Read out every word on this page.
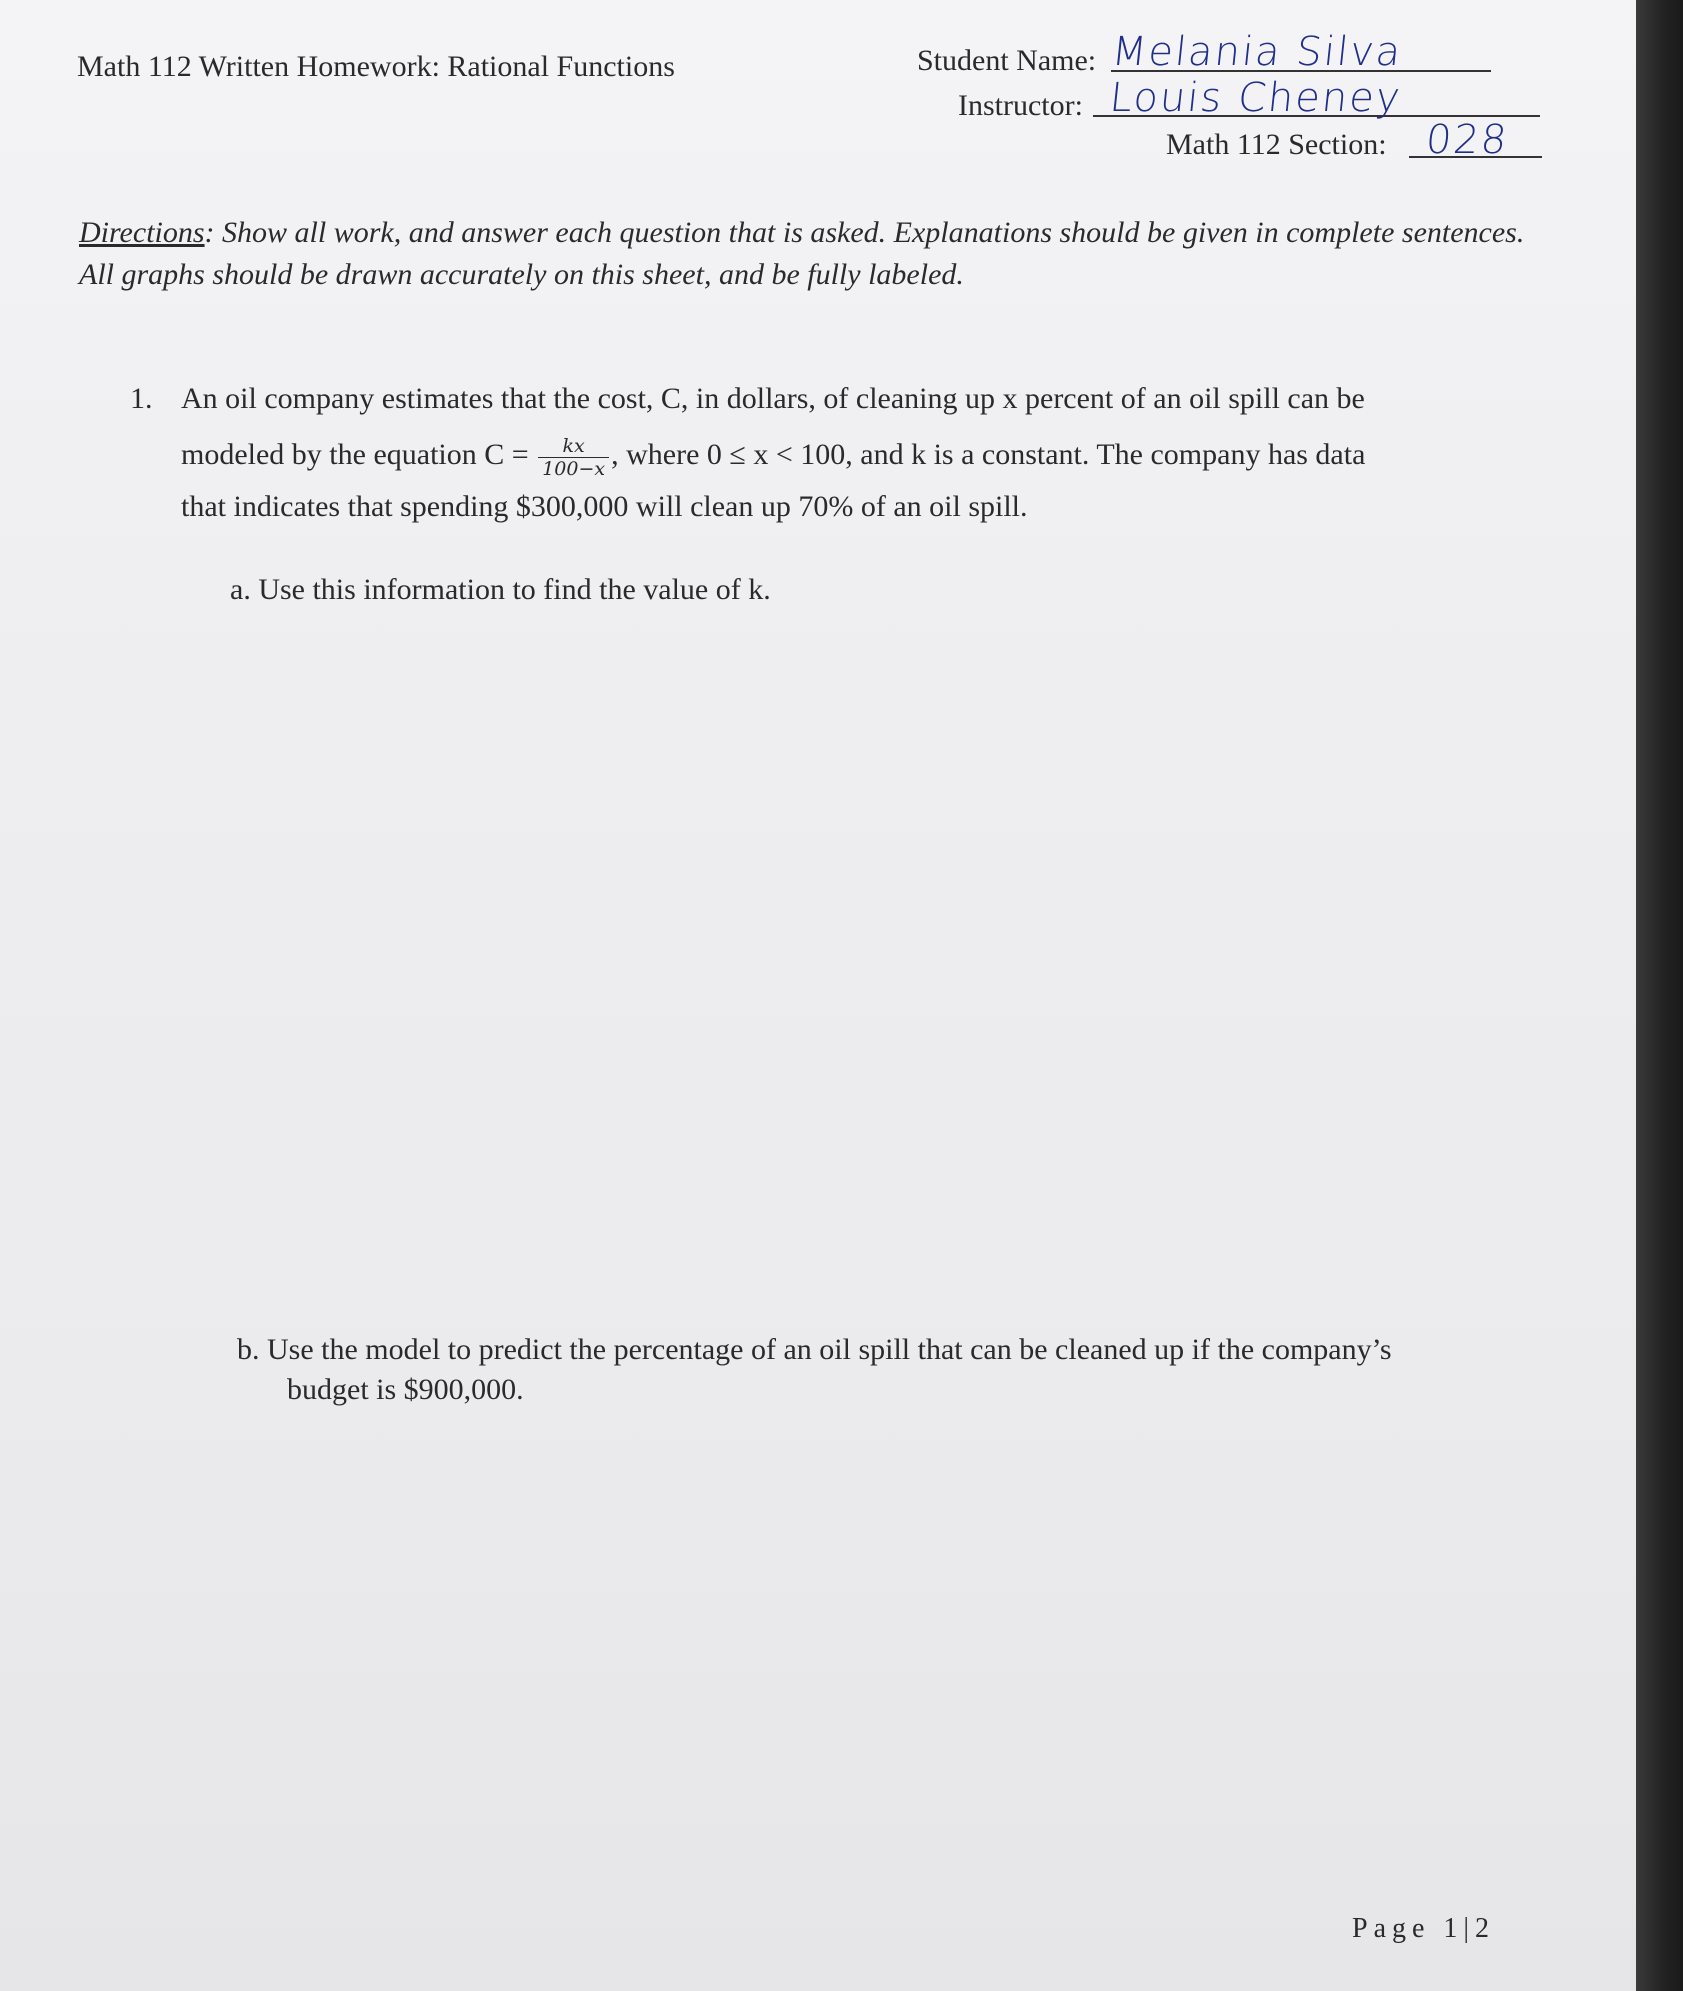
Math 112 Written Homework: Rational Functions	Student Name: Melania Silva
Instructor: Louis Cheney
Math 112 Section: 028
Directions: Show all work, and answer each question that is asked. Explanations should be given in complete sentences. All graphs should be drawn accurately on this sheet, and be fully labeled.
1. An oil company estimates that the cost, C, in dollars, of cleaning up x percent of an oil spill can be
modeled by the equation $C = \frac{kx}{100-x}$ , where 0 ≤ x < 100, and k is a constant. The company has data
that indicates that spending $300,000 will clean up 70% of an oil spill.
a. Use this information to find the value of k.
b. Use the model to predict the percentage of an oil spill that can be cleaned up if the company’s
budget is $900,000.
Page 1|2
